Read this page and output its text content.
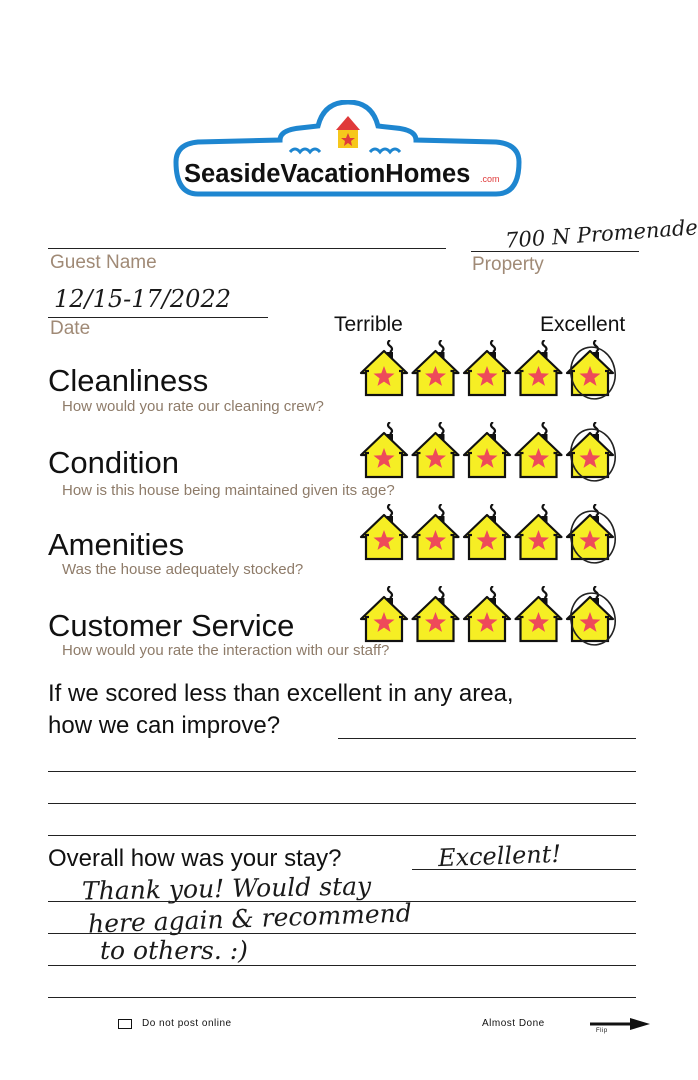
SeasideVacationHomes .com
Guest Name
700 N Promenade
Property
12/15-17/2022
Date	Terrible	Excellent
Cleanliness
How would you rate our cleaning crew?
Condition
How is this house being maintained given its age?
Amenities
Was the house adequately stocked?
Customer Service
How would you rate the interaction with our staff?
If we scored less than excellent in any area,
how we can improve?
Overall how was your stay?	Excellent!
Thank you! Would stay
here again & recommend
to others. :)
Do not post online	Almost Done
Flip
